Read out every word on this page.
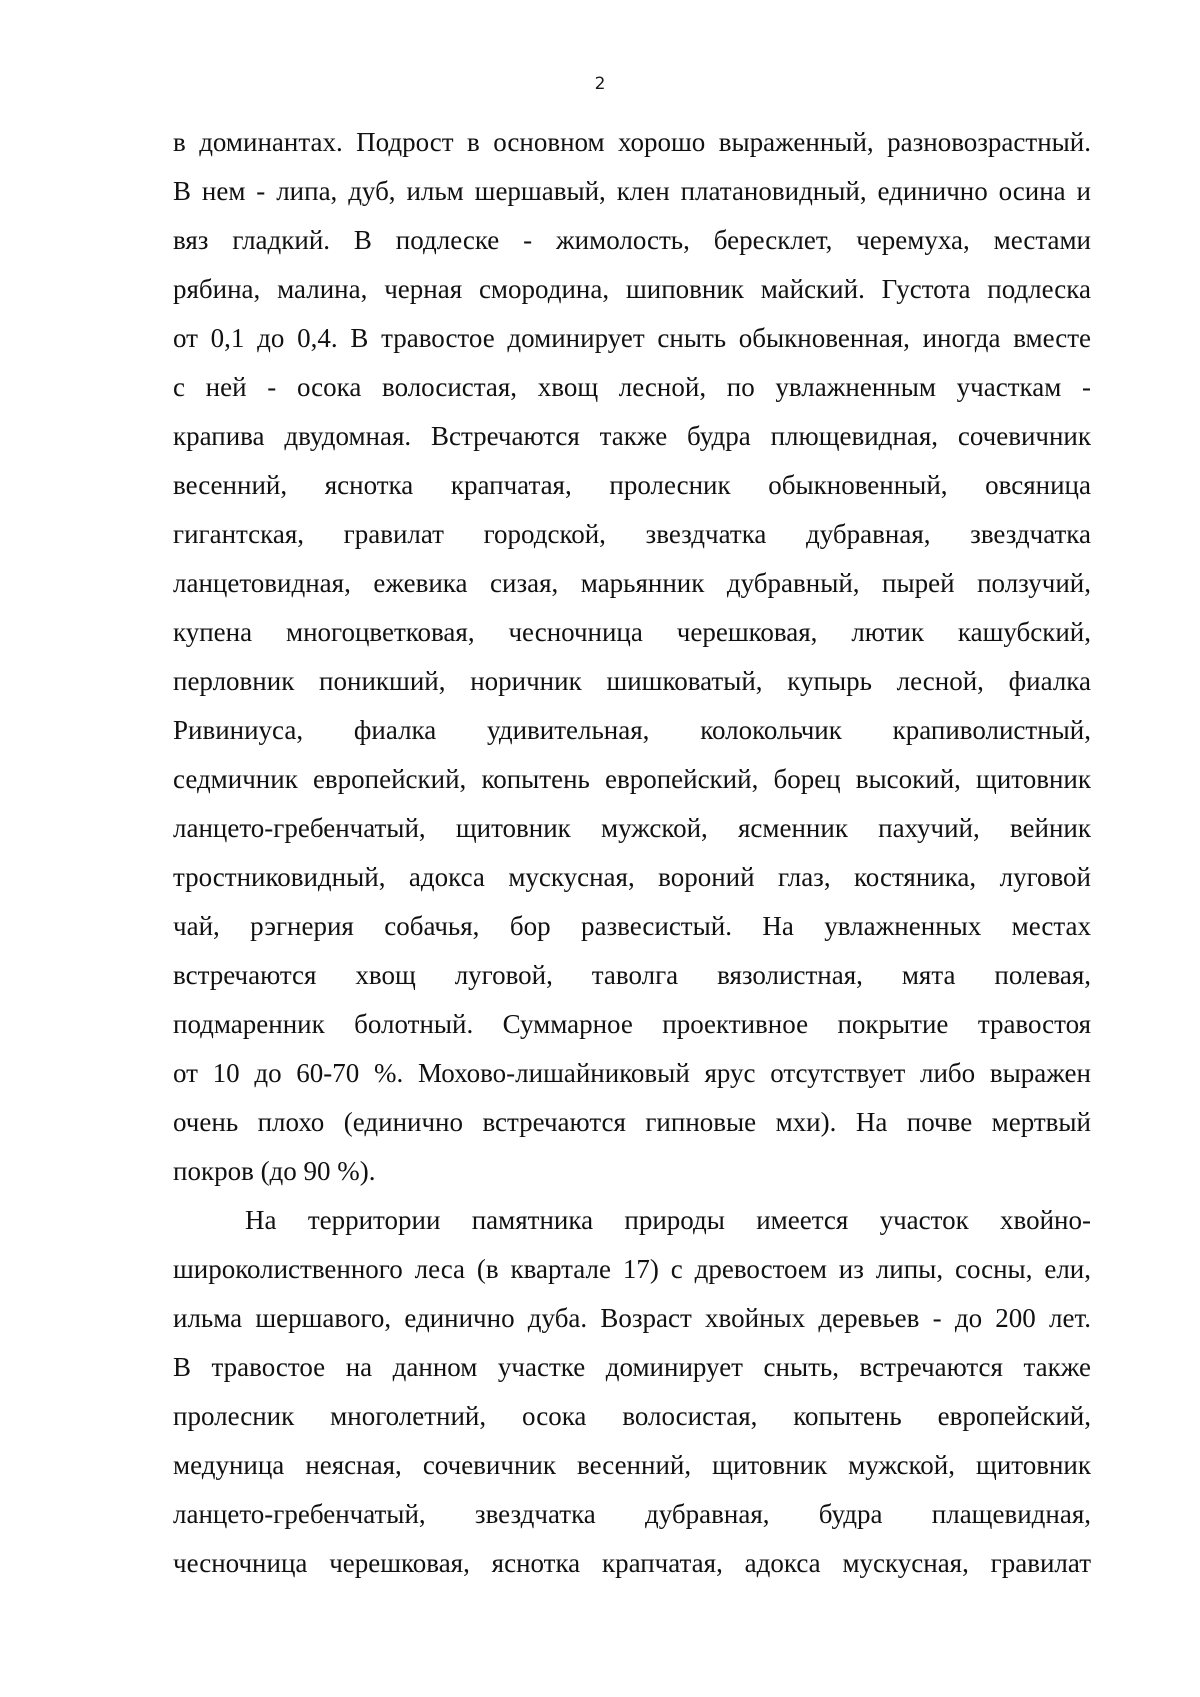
2
в доминантах. Подрост в основном хорошо выраженный, разновозрастный.
В нем - липа, дуб, ильм шершавый, клен платановидный, единично осина и
вяз гладкий. В подлеске - жимолость, бересклет, черемуха, местами
рябина, малина, черная смородина, шиповник майский. Густота подлеска
от 0,1 до 0,4. В травостое доминирует сныть обыкновенная, иногда вместе
с ней - осока волосистая, хвощ лесной, по увлажненным участкам -
крапива двудомная. Встречаются также будра плющевидная, сочевичник
весенний, яснотка крапчатая, пролесник обыкновенный, овсяница
гигантская, гравилат городской, звездчатка дубравная, звездчатка
ланцетовидная, ежевика сизая, марьянник дубравный, пырей ползучий,
купена многоцветковая, чесночница черешковая, лютик кашубский,
перловник поникший, норичник шишковатый, купырь лесной, фиалка
Ривиниуса, фиалка удивительная, колокольчик крапиволистный,
седмичник европейский, копытень европейский, борец высокий, щитовник
ланцето-гребенчатый, щитовник мужской, ясменник пахучий, вейник
тростниковидный, адокса мускусная, вороний глаз, костяника, луговой
чай, рэгнерия собачья, бор развесистый. На увлажненных местах
встречаются хвощ луговой, таволга вязолистная, мята полевая,
подмаренник болотный. Суммарное проективное покрытие травостоя
от 10 до 60-70 %. Мохово-лишайниковый ярус отсутствует либо выражен
очень плохо (единично встречаются гипновые мхи). На почве мертвый
покров (до 90 %).
На территории памятника природы имеется участок хвойно-
широколиственного леса (в квартале 17) с древостоем из липы, сосны, ели,
ильма шершавого, единично дуба. Возраст хвойных деревьев - до 200 лет.
В травостое на данном участке доминирует сныть, встречаются также
пролесник многолетний, осока волосистая, копытень европейский,
медуница неясная, сочевичник весенний, щитовник мужской, щитовник
ланцето-гребенчатый, звездчатка дубравная, будра плащевидная,
чесночница черешковая, яснотка крапчатая, адокса мускусная, гравилат
